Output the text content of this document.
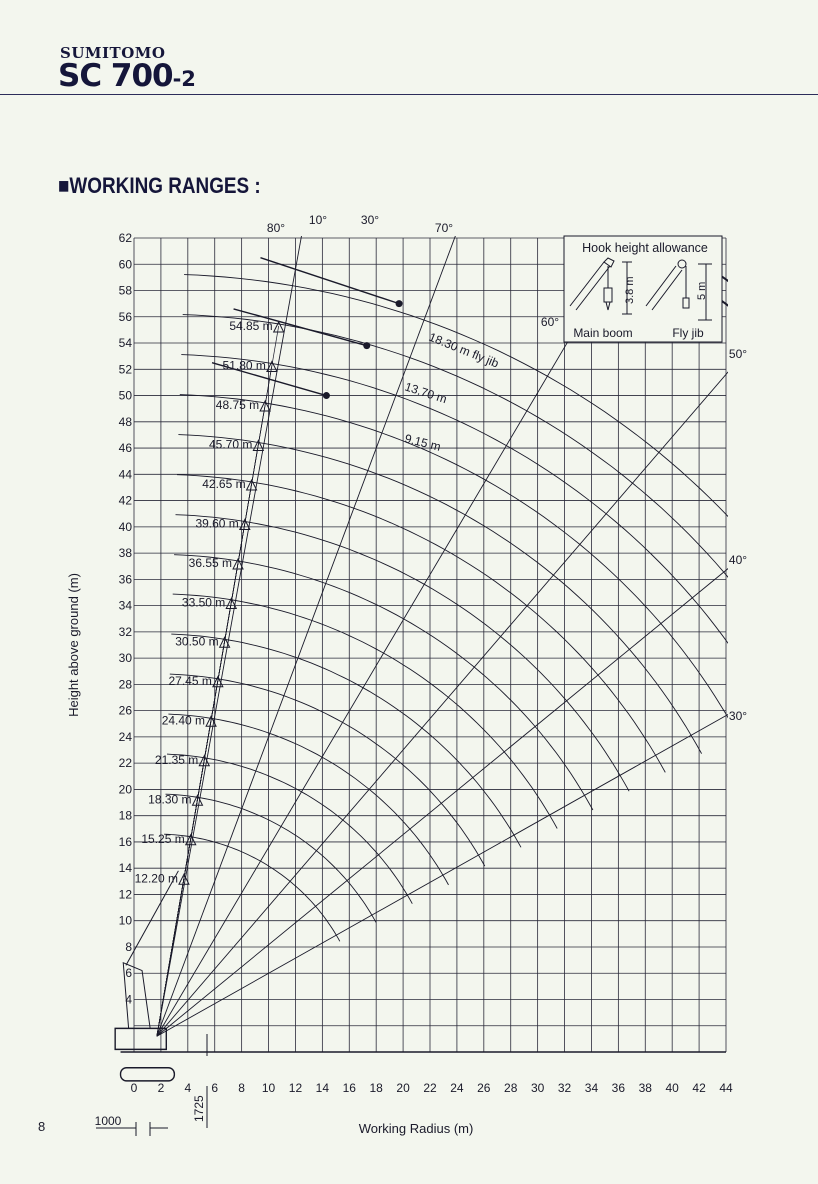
SUMITOMO
SC 700-2
■WORKING RANGES :
0 2 4 6 8 10 12 14 16 18 20 22 24 26 28 30 32 34 36 38 40 42 44
4
6
8
10
12
14
16
18
20
22
24
26
28
30
32
34
36
38
40
42
44
46
48
50
52
54
56
58
60
62
12.20 m
15.25 m
18.30 m
21.35 m
24.40 m
27.45 m
30.50 m
33.50 m
36.55 m
39.60 m
42.65 m
45.70 m
48.75 m
51.80 m
54.85 m
80°	70°
60°
50°
40°
30°
10°	30°
18.30 m fly jib
13.70 m
9.15 m
Working Radius (m)
Height above ground (m)
Hook height allowance
3.8 m
Main boom
5 m
Fly jib
1000	1725
8
